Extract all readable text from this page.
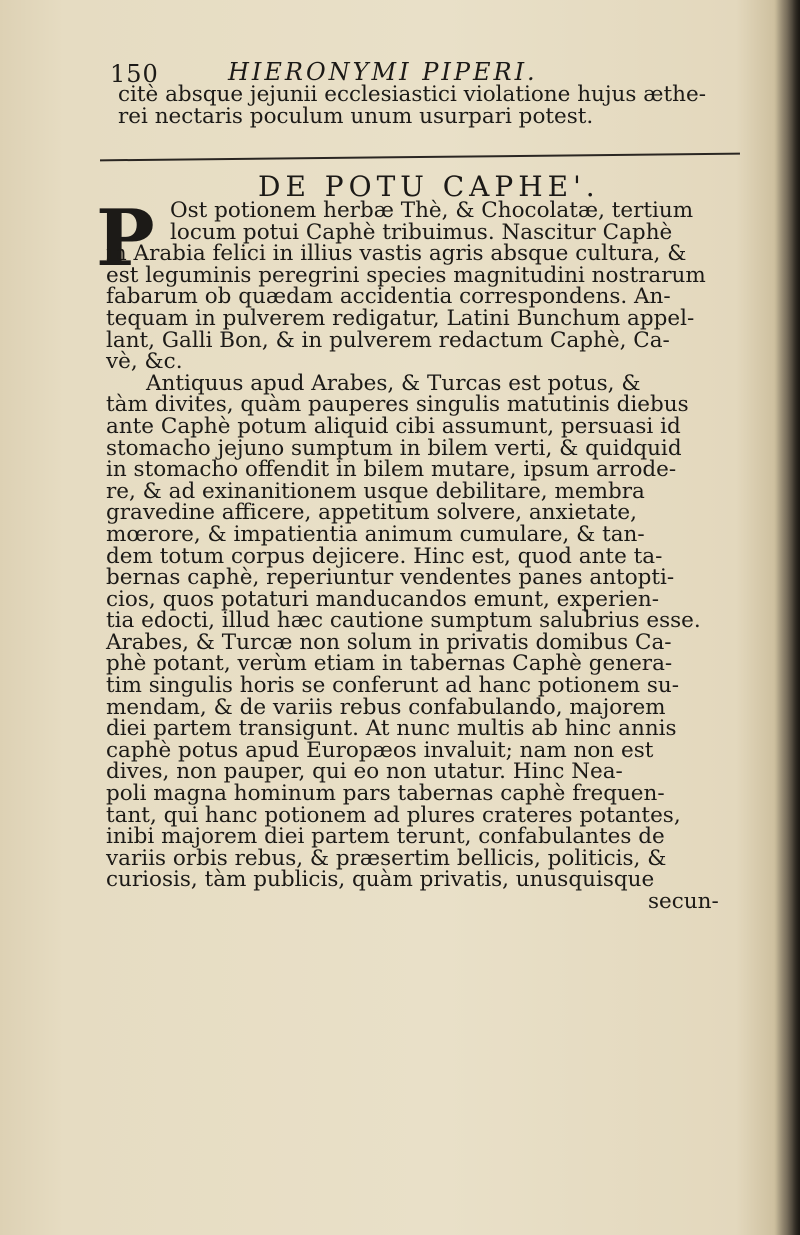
150	HIERONYMI PIPERI.
citè absque jejunii ecclesiastici violatione hujus æthe-
rei nectaris poculum unum usurpari potest.
DE POTU CAPHE'.
P Ost potionem herbæ Thè, & Chocolatæ, tertium
locum potui Caphè tribuimus. Nascitur Caphè
in Arabia felici in illius vastis agris absque cultura, &
est leguminis peregrini species magnitudini nostrarum
fabarum ob quædam accidentia correspondens. An-
tequam in pulverem redigatur, Latini Bunchum appel-
lant, Galli Bon, & in pulverem redactum Caphè, Ca-
vè, &c.
Antiquus apud Arabes, & Turcas est potus, &
tàm divites, quàm pauperes singulis matutinis diebus
ante Caphè potum aliquid cibi assumunt, persuasi id
stomacho jejuno sumptum in bilem verti, & quidquid
in stomacho offendit in bilem mutare, ipsum arrode-
re, & ad exinanitionem usque debilitare, membra
gravedine afficere, appetitum solvere, anxietate,
mœrore, & impatientia animum cumulare, & tan-
dem totum corpus dejicere. Hinc est, quod ante ta-
bernas caphè, reperiuntur vendentes panes antopti-
cios, quos potaturi manducandos emunt, experien-
tia edocti, illud hæc cautione sumptum salubrius esse.
Arabes, & Turcæ non solum in privatis domibus Ca-
phè potant, verùm etiam in tabernas Caphè genera-
tim singulis horis se conferunt ad hanc potionem su-
mendam, & de variis rebus confabulando, majorem
diei partem transigunt. At nunc multis ab hinc annis
caphè potus apud Europæos invaluit; nam non est
dives, non pauper, qui eo non utatur. Hinc Nea-
poli magna hominum pars tabernas caphè frequen-
tant, qui hanc potionem ad plures crateres potantes,
inibi majorem diei partem terunt, confabulantes de
variis orbis rebus, & præsertim bellicis, politicis, &
curiosis, tàm publicis, quàm privatis, unusquisque
secun-
